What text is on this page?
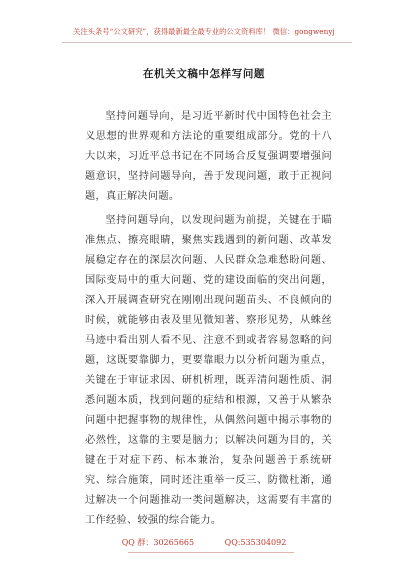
关注头条号“公文研究”，获得最新最全最专业的公文资料库！ 微信：gongwenyj
在机关文稿中怎样写问题

坚持问题导向，是习近平新时代中国特色社会主义思想的世界观和方法论的重要组成部分。党的十八大以来，习近平总书记在不同场合反复强调要增强问题意识，坚持问题导向，善于发现问题，敢于正视问题，真正解决问题。

坚持问题导向，以发现问题为前提，关键在于瞄准焦点、擦亮眼睛，聚焦实践遇到的新问题、改革发展稳定存在的深层次问题、人民群众急难愁盼问题、国际变局中的重大问题、党的建设面临的突出问题，深入开展调查研究在刚刚出现问题苗头、不良倾向的时候，就能够由表及里见微知著、察形见势，从蛛丝马迹中看出别人看不见、注意不到或者容易忽略的问题，这既要靠脚力，更要靠眼力以分析问题为重点，关键在于审证求因、研机析理，既弄清问题性质、洞悉问题本质，找到问题的症结和根源，又善于从繁杂问题中把握事物的规律性，从偶然问题中揭示事物的必然性，这靠的主要是脑力；以解决问题为目的，关键在于对症下药、标本兼治，复杂问题善于系统研究、综合施策，同时还注重举一反三、防微杜渐，通过解决一个问题推动一类问题解决，这需要有丰富的工作经验、较强的综合能力。

QQ 群：30265665	QQ:535304092
